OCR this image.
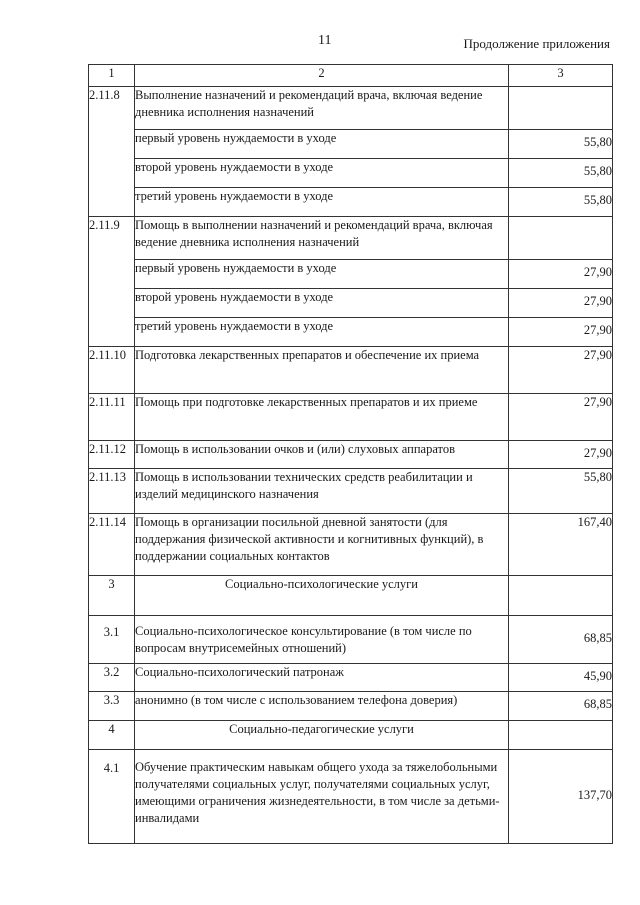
11	Продолжение приложения
1	2	3
2.11.8	Выполнение назначений и рекомендаций врача, включая ведение дневника исполнения назначений	
	первый уровень нуждаемости в уходе	55,80
	второй уровень нуждаемости в уходе	55,80
	третий уровень нуждаемости в уходе	55,80
2.11.9	Помощь в выполнении назначений и рекомендаций врача, включая ведение дневника исполнения назначений	
	первый уровень нуждаемости в уходе	27,90
	второй уровень нуждаемости в уходе	27,90
	третий уровень нуждаемости в уходе	27,90
2.11.10	Подготовка лекарственных препаратов и обеспечение их приема	27,90
2.11.11	Помощь при подготовке лекарственных препаратов и их приеме	27,90
2.11.12	Помощь в использовании очков и (или) слуховых аппаратов	27,90
2.11.13	Помощь в использовании технических средств реабилитации и изделий медицинского назначения	55,80
2.11.14	Помощь в организации посильной дневной занятости (для поддержания физической активности и когнитивных функций), в поддержании социальных контактов	167,40
3	Социально-психологические услуги	
3.1	Социально-психологическое консультирование (в том числе по вопросам внутрисемейных отношений)	68,85
3.2	Социально-психологический патронаж	45,90
3.3	анонимно (в том числе с использованием телефона доверия)	68,85
4	Социально-педагогические услуги	
4.1	Обучение практическим навыкам общего ухода за тяжелобольными получателями социальных услуг, получателями социальных услуг, имеющими ограничения жизнедеятельности, в том числе за детьми-инвалидами	137,70
